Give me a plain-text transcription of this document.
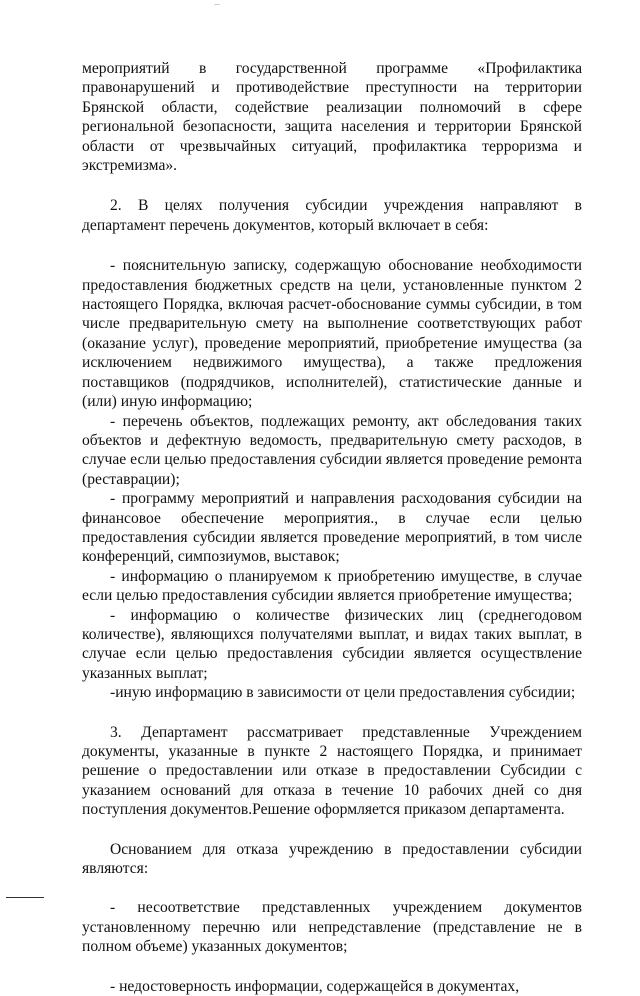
мероприятий в государственной программе «Профилактика правонарушений и противодействие преступности на территории Брянской области, содействие реализации полномочий в сфере региональной безопасности, защита населения и территории Брянской области от чрезвычайных ситуаций, профилактика терроризма и экстремизма».

2. В целях получения субсидии учреждения направляют в департамент перечень документов, который включает в себя:

- пояснительную записку, содержащую обоснование необходимости предоставления бюджетных средств на цели, установленные пунктом 2 настоящего Порядка, включая расчет-обоснование суммы субсидии, в том числе предварительную смету на выполнение соответствующих работ (оказание услуг), проведение мероприятий, приобретение имущества (за исключением недвижимого имущества), а также предложения поставщиков (подрядчиков, исполнителей), статистические данные и (или) иную информацию;

- перечень объектов, подлежащих ремонту, акт обследования таких объектов и дефектную ведомость, предварительную смету расходов, в случае если целью предоставления субсидии является проведение ремонта (реставрации);

- программу мероприятий и направления расходования субсидии на финансовое обеспечение мероприятия., в случае если целью предоставления субсидии является проведение мероприятий, в том числе конференций, симпозиумов, выставок;

- информацию о планируемом к приобретению имуществе, в случае если целью предоставления субсидии является приобретение имущества;

- информацию о количестве физических лиц (среднегодовом количестве), являющихся получателями выплат, и видах таких выплат, в случае если целью предоставления субсидии является осуществление указанных выплат;

-иную информацию в зависимости от цели предоставления субсидии;

3. Департамент рассматривает представленные Учреждением документы, указанные в пункте 2 настоящего Порядка, и принимает решение о предоставлении или отказе в предоставлении Субсидии с указанием оснований для отказа в течение 10 рабочих дней со дня поступления документов.Решение оформляется приказом департамента.

Основанием для отказа учреждению в предоставлении субсидии являются:

- несоответствие представленных учреждением документов установленному перечню или непредставление (представление не в полном объеме) указанных документов;

- недостоверность информации, содержащейся в документах,
